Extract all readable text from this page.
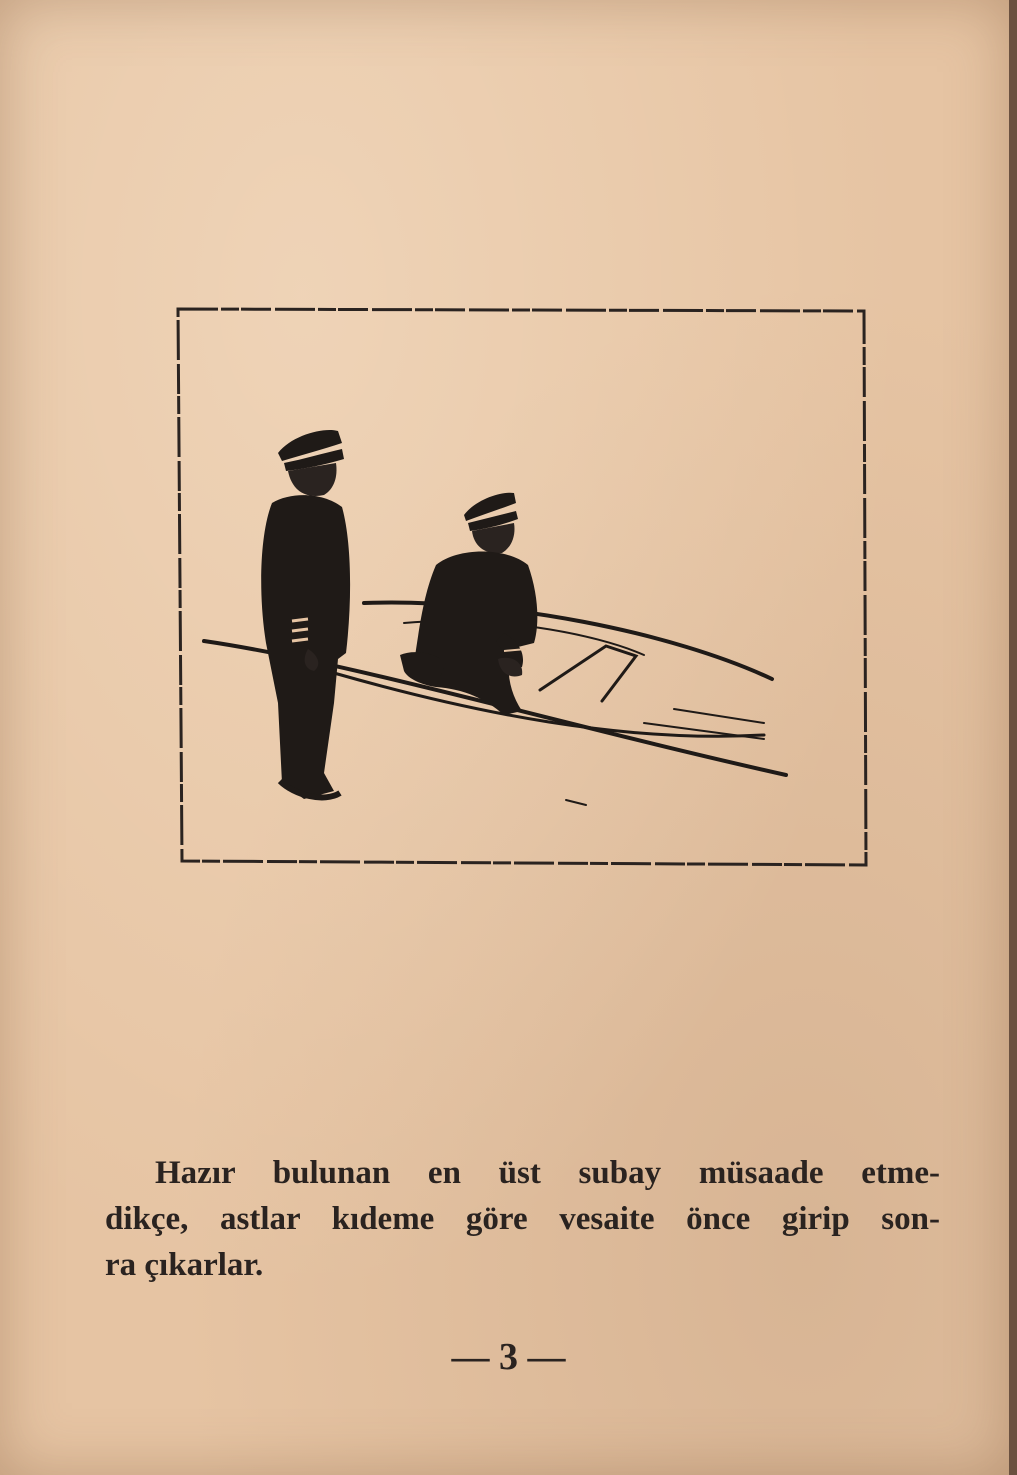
Hazır bulunan en üst subay müsaade etme-
dikçe, astlar kıdeme göre vesaite önce girip son-
ra çıkarlar.

— 3 —
